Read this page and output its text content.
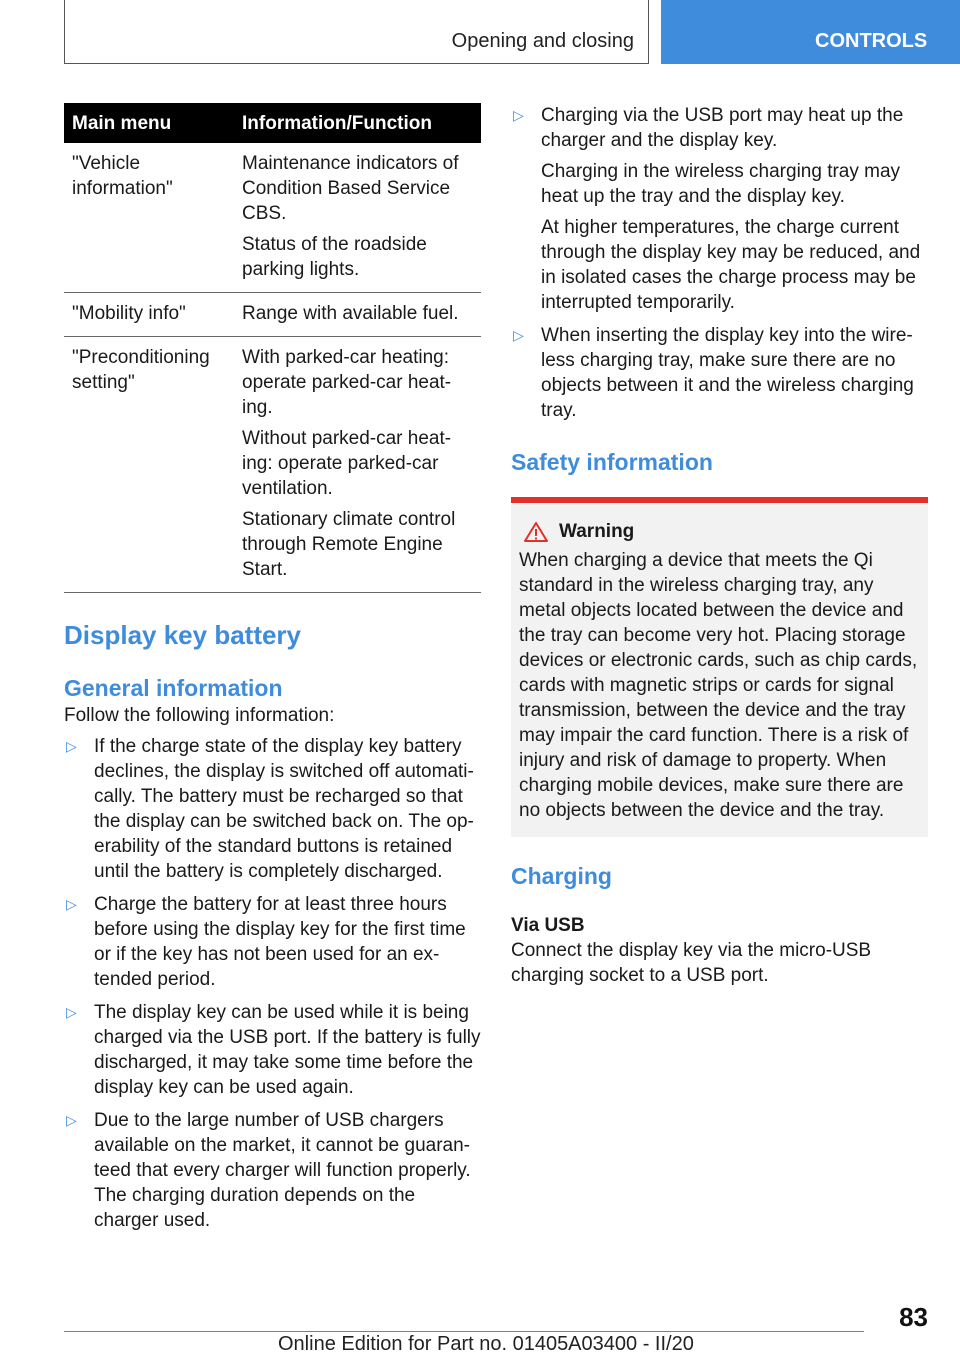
Opening and closing	CONTROLS
Main menu	Information/Function
"Vehicle information"	Maintenance indicators of Condition Based Service CBS.

Status of the roadside parking lights.

"Mobility info"	Range with available fuel.

"Preconditioning setting"	With parked-car heating: operate parked-car heat-ing.

Without parked-car heat-ing: operate parked-car ventilation.

Stationary climate control through Remote Engine Start.

Display key battery
General information

Follow the following information:

▷ If the charge state of the display key battery declines, the display is switched off automati-cally. The battery must be recharged so that the display can be switched back on. The op-erability of the standard buttons is retained until the battery is completely discharged.
▷ Charge the battery for at least three hours before using the display key for the first time or if the key has not been used for an ex-tended period.
▷ The display key can be used while it is being charged via the USB port. If the battery is fully discharged, it may take some time before the display key can be used again.
▷ Due to the large number of USB chargers available on the market, it cannot be guaran-teed that every charger will function properly. The charging duration depends on the charger used.
▷ Charging via the USB port may heat up the charger and the display key.

Charging in the wireless charging tray may heat up the tray and the display key.

At higher temperatures, the charge current through the display key may be reduced, and in isolated cases the charge process may be interrupted temporarily.

▷ When inserting the display key into the wire-less charging tray, make sure there are no objects between it and the wireless charging tray.

Safety information
Warning

When charging a device that meets the Qi standard in the wireless charging tray, any metal objects located between the device and the tray can become very hot. Placing storage devices or electronic cards, such as chip cards, cards with magnetic strips or cards for signal transmission, between the device and the tray may impair the card function. There is a risk of injury and risk of damage to property. When charging mobile devices, make sure there are no objects between the device and the tray.

Charging
Via USB

Connect the display key via the micro-USB charging socket to a USB port.

83
Online Edition for Part no. 01405A03400 - II/20
